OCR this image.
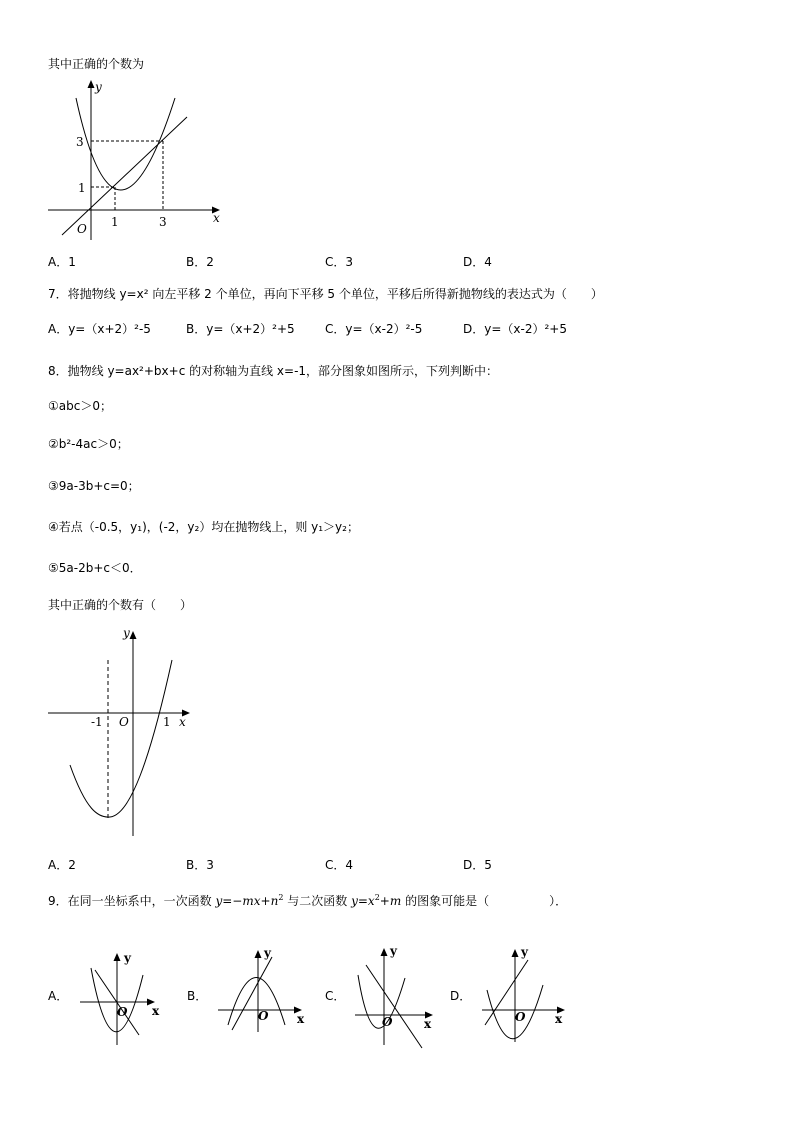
其中正确的个数为
y
x
O
3
1
1	3
A．1	B．2	C．3	D．4
7．将抛物线 y=x² 向左平移 2 个单位，再向下平移 5 个单位，平移后所得新抛物线的表达式为（　　）
A．y=（x+2）²-5	B．y=（x+2）²+5	C．y=（x-2）²-5	D．y=（x-2）²+5
8．抛物线 y=ax²+bx+c 的对称轴为直线 x=-1，部分图象如图所示，下列判断中：
①abc＞0；
②b²-4ac＞0；
③9a-3b+c=0；
④若点（-0.5，y₁)，(-2，y₂）均在抛物线上，则 y₁＞y₂；
⑤5a-2b+c＜0．
其中正确的个数有（　　）
y
x
O
-1	1
A．2	B．3	C．4	D．5
9．在同一坐标系中，一次函数 $y=-mx+n^2$ 与二次函数 $y=x^2+m$ 的图象可能是（　　　　　）．
A．	B．	C．	D．
y
x
O
y
x
O
y
x
O
y
x
O
